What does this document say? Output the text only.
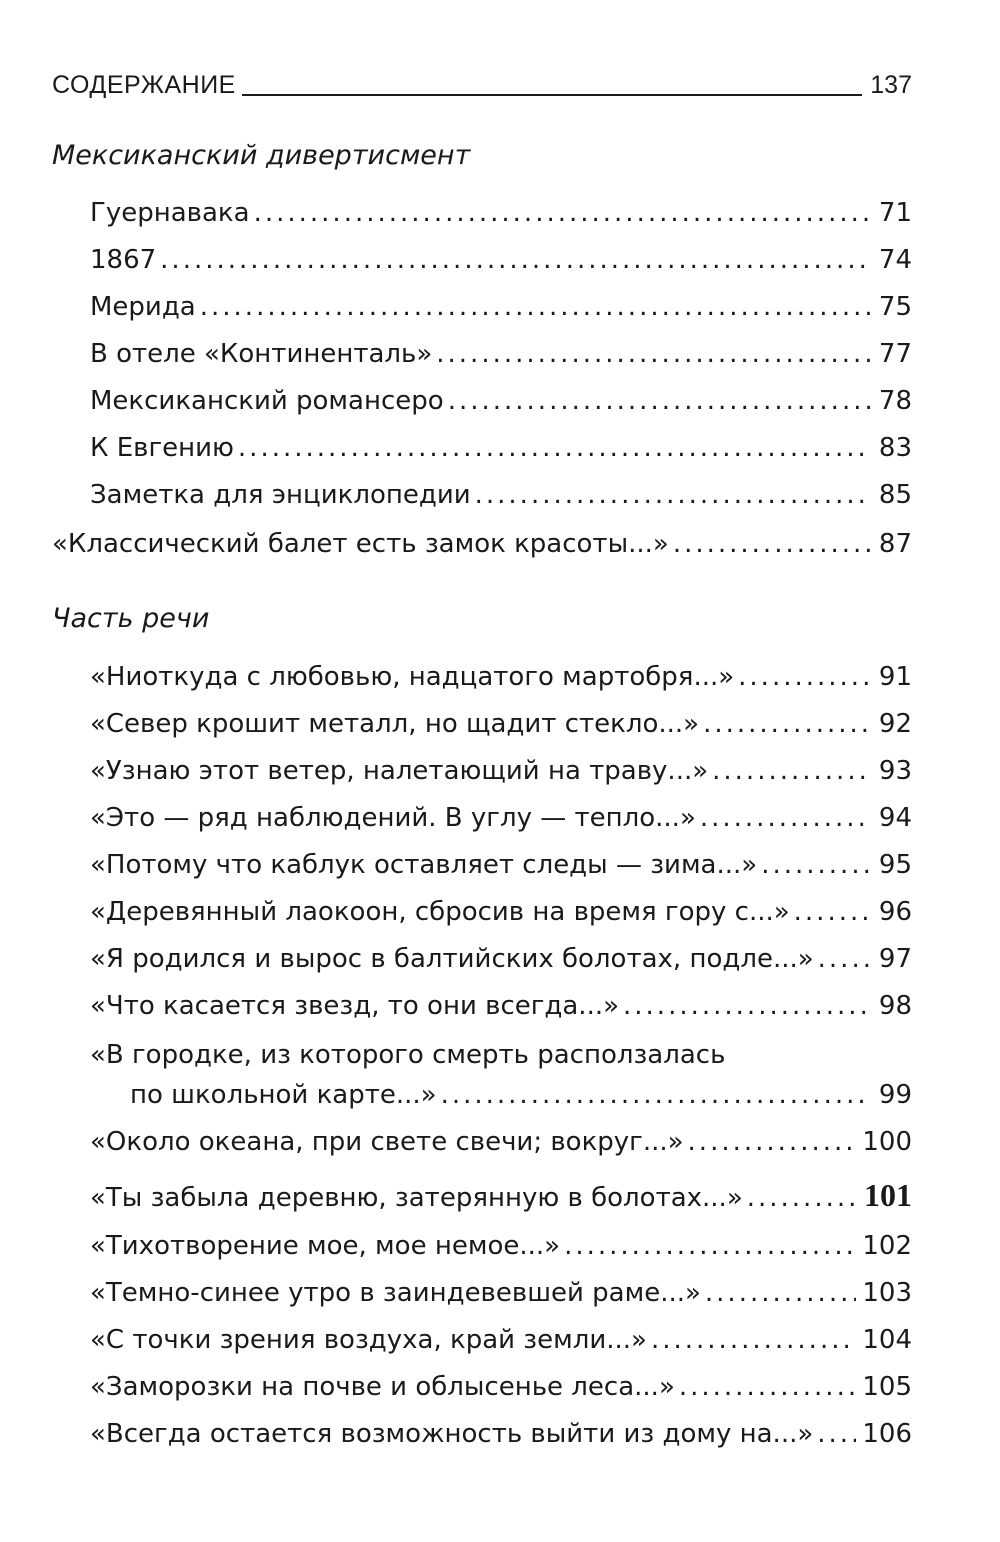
СОДЕРЖАНИЕ	137
Мексиканский дивертисмент
Гуернавака .....	71
1867 .....	74
Мерида .....	75
В отеле «Континенталь» .....	77
Мексиканский романсеро .....	78
К Евгению .....	83
Заметка для энциклопедии .....	85
«Классический балет есть замок красоты...» .....	87
Часть речи
«Ниоткуда с любовью, надцатого мартобря...» .....	91
«Север крошит металл, но щадит стекло...» .....	92
«Узнаю этот ветер, налетающий на траву...» .....	93
«Это — ряд наблюдений. В углу — тепло...» .....	94
«Потому что каблук оставляет следы — зима...» .....	95
«Деревянный лаокоон, сбросив на время гору с...» .....	96
«Я родился и вырос в балтийских болотах, подле...» .....	97
«Что касается звезд, то они всегда...» .....	98
«В городке, из которого смерть расползалась
по школьной карте...» .....	99
«Около океана, при свете свечи; вокруг...» .....	100
«Ты забыла деревню, затерянную в болотах...» .....	101
«Тихотворение мое, мое немое...» .....	102
«Темно-синее утро в заиндевевшей раме...» .....	103
«С точки зрения воздуха, край земли...» .....	104
«Заморозки на почве и облысенье леса...» .....	105
«Всегда остается возможность выйти из дому на...» ..... 106
